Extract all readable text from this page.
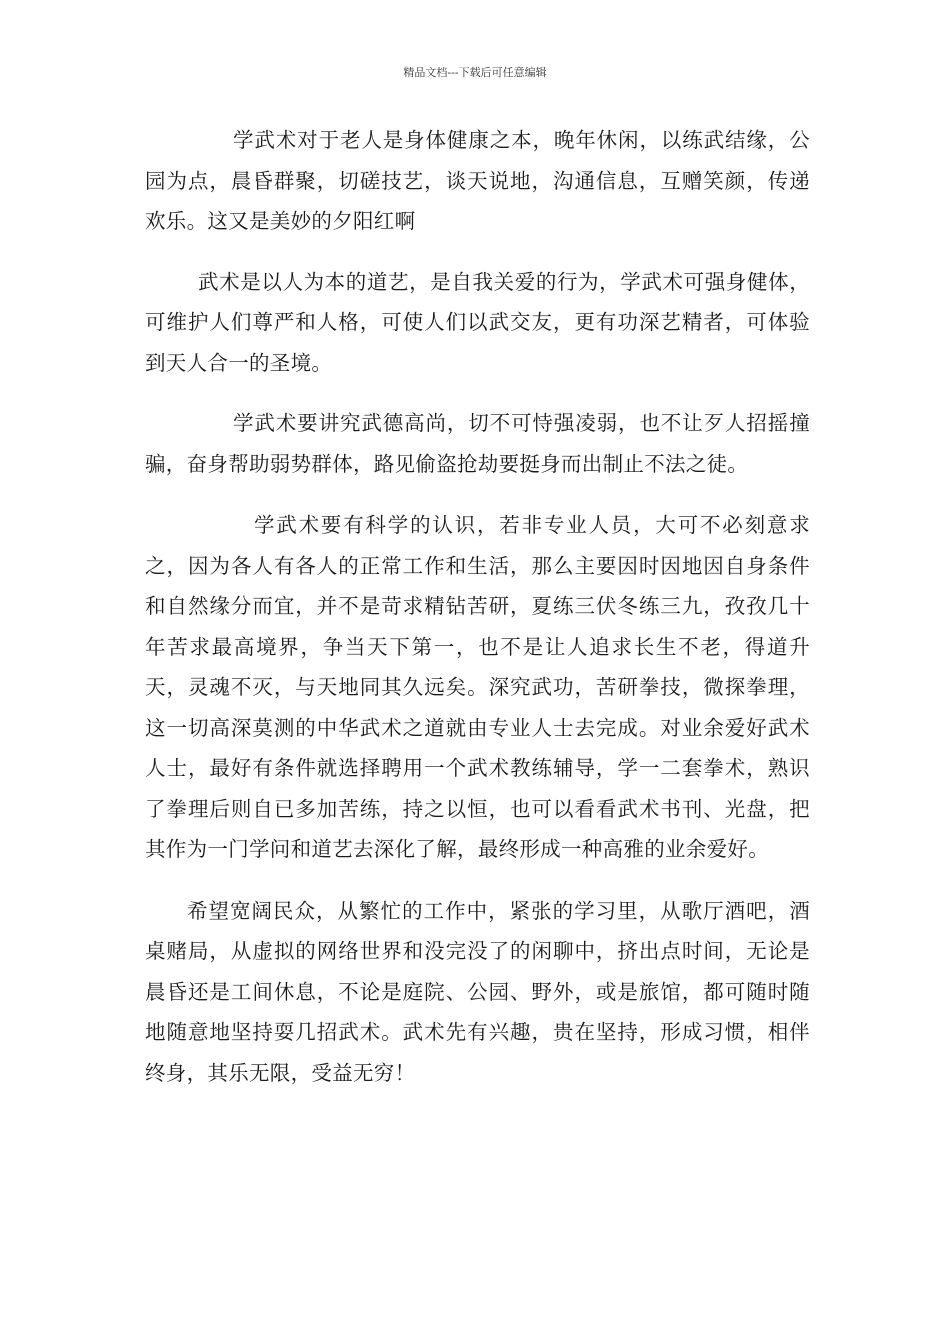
精品文档---下载后可任意编辑

学武术对于老人是身体健康之本，晚年休闲，以练武结缘，公园为点，晨昏群聚，切磋技艺，谈天说地，沟通信息，互赠笑颜，传递欢乐。这又是美妙的夕阳红啊

武术是以人为本的道艺，是自我关爱的行为，学武术可强身健体，可维护人们尊严和人格，可使人们以武交友，更有功深艺精者，可体验到天人合一的圣境。

学武术要讲究武德高尚，切不可恃强凌弱，也不让歹人招摇撞骗，奋身帮助弱势群体，路见偷盗抢劫要挺身而出制止不法之徒。

学武术要有科学的认识，若非专业人员，大可不必刻意求之，因为各人有各人的正常工作和生活，那么主要因时因地因自身条件和自然缘分而宜，并不是苛求精钻苦研，夏练三伏冬练三九，孜孜几十年苦求最高境界，争当天下第一，也不是让人追求长生不老，得道升天，灵魂不灭，与天地同其久远矣。深究武功，苦研拳技，微探拳理，这一切高深莫测的中华武术之道就由专业人士去完成。对业余爱好武术人士，最好有条件就选择聘用一个武术教练辅导，学一二套拳术，熟识了拳理后则自已多加苦练，持之以恒，也可以看看武术书刊、光盘，把其作为一门学问和道艺去深化了解，最终形成一种高雅的业余爱好。

希望宽阔民众，从繁忙的工作中，紧张的学习里，从歌厅酒吧，酒桌赌局，从虚拟的网络世界和没完没了的闲聊中，挤出点时间，无论是晨昏还是工间休息，不论是庭院、公园、野外，或是旅馆，都可随时随地随意地坚持耍几招武术。武术先有兴趣，贵在坚持，形成习惯，相伴终身，其乐无限，受益无穷！
